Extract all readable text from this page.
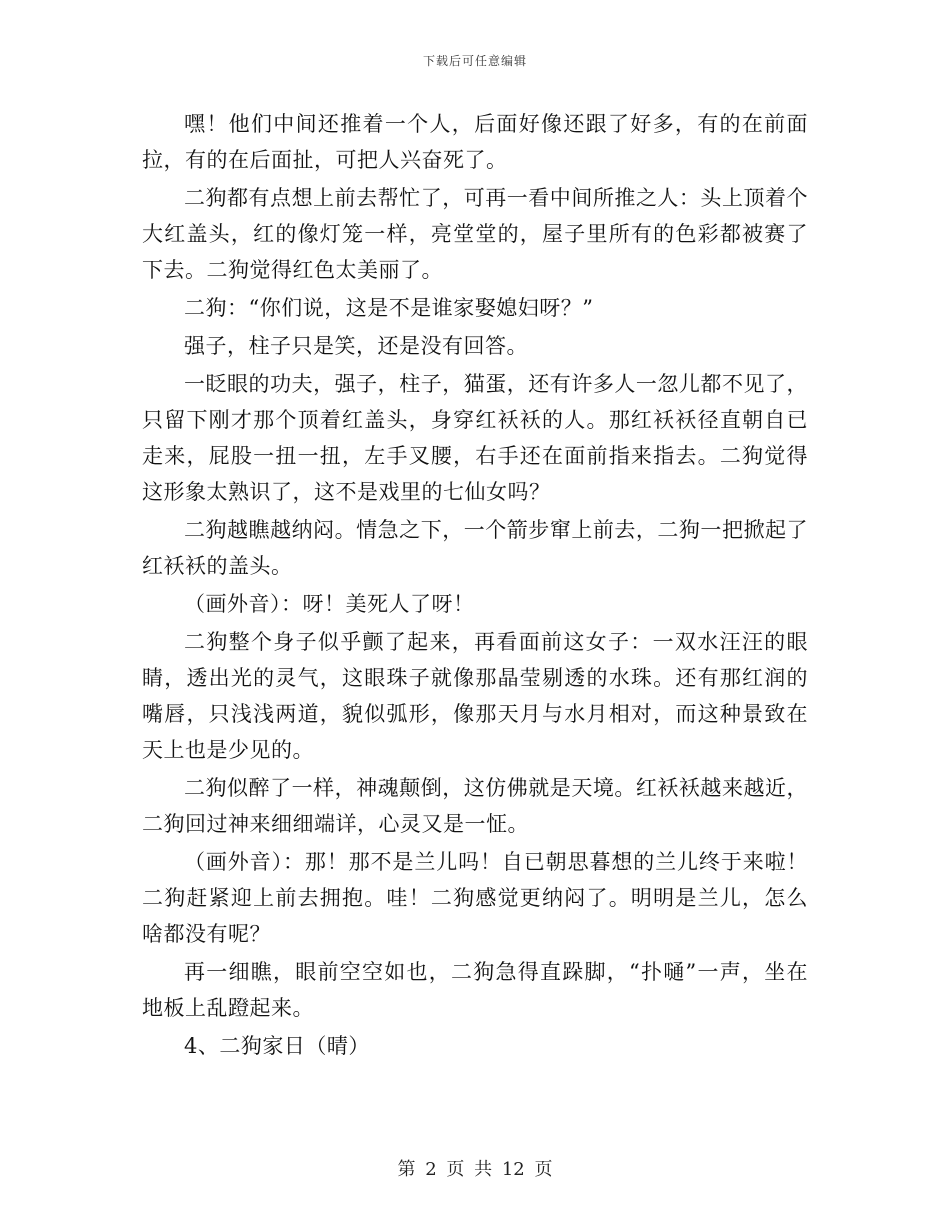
下载后可任意编辑

嘿！他们中间还推着一个人，后面好像还跟了好多，有的在前面拉，有的在后面扯，可把人兴奋死了。

二狗都有点想上前去帮忙了，可再一看中间所推之人：头上顶着个大红盖头，红的像灯笼一样，亮堂堂的，屋子里所有的色彩都被赛了下去。二狗觉得红色太美丽了。

二狗：“你们说，这是不是谁家娶媳妇呀？”

强子，柱子只是笑，还是没有回答。

一眨眼的功夫，强子，柱子，猫蛋，还有许多人一忽儿都不见了，只留下刚才那个顶着红盖头，身穿红袄袄的人。那红袄袄径直朝自已走来，屁股一扭一扭，左手叉腰，右手还在面前指来指去。二狗觉得这形象太熟识了，这不是戏里的七仙女吗？

二狗越瞧越纳闷。情急之下，一个箭步窜上前去，二狗一把掀起了红袄袄的盖头。

（画外音）：呀！美死人了呀！

二狗整个身子似乎颤了起来，再看面前这女子：一双水汪汪的眼睛，透出光的灵气，这眼珠子就像那晶莹剔透的水珠。还有那红润的嘴唇，只浅浅两道，貌似弧形，像那天月与水月相对，而这种景致在天上也是少见的。

二狗似醉了一样，神魂颠倒，这仿佛就是天境。红袄袄越来越近，二狗回过神来细细端详，心灵又是一怔。

（画外音）：那！那不是兰儿吗！自已朝思暮想的兰儿终于来啦！二狗赶紧迎上前去拥抱。哇！二狗感觉更纳闷了。明明是兰儿，怎么啥都没有呢？

再一细瞧，眼前空空如也，二狗急得直跺脚，“扑嗵”一声，坐在地板上乱蹬起来。

4、二狗家日（晴）

第 2 页 共 12 页
